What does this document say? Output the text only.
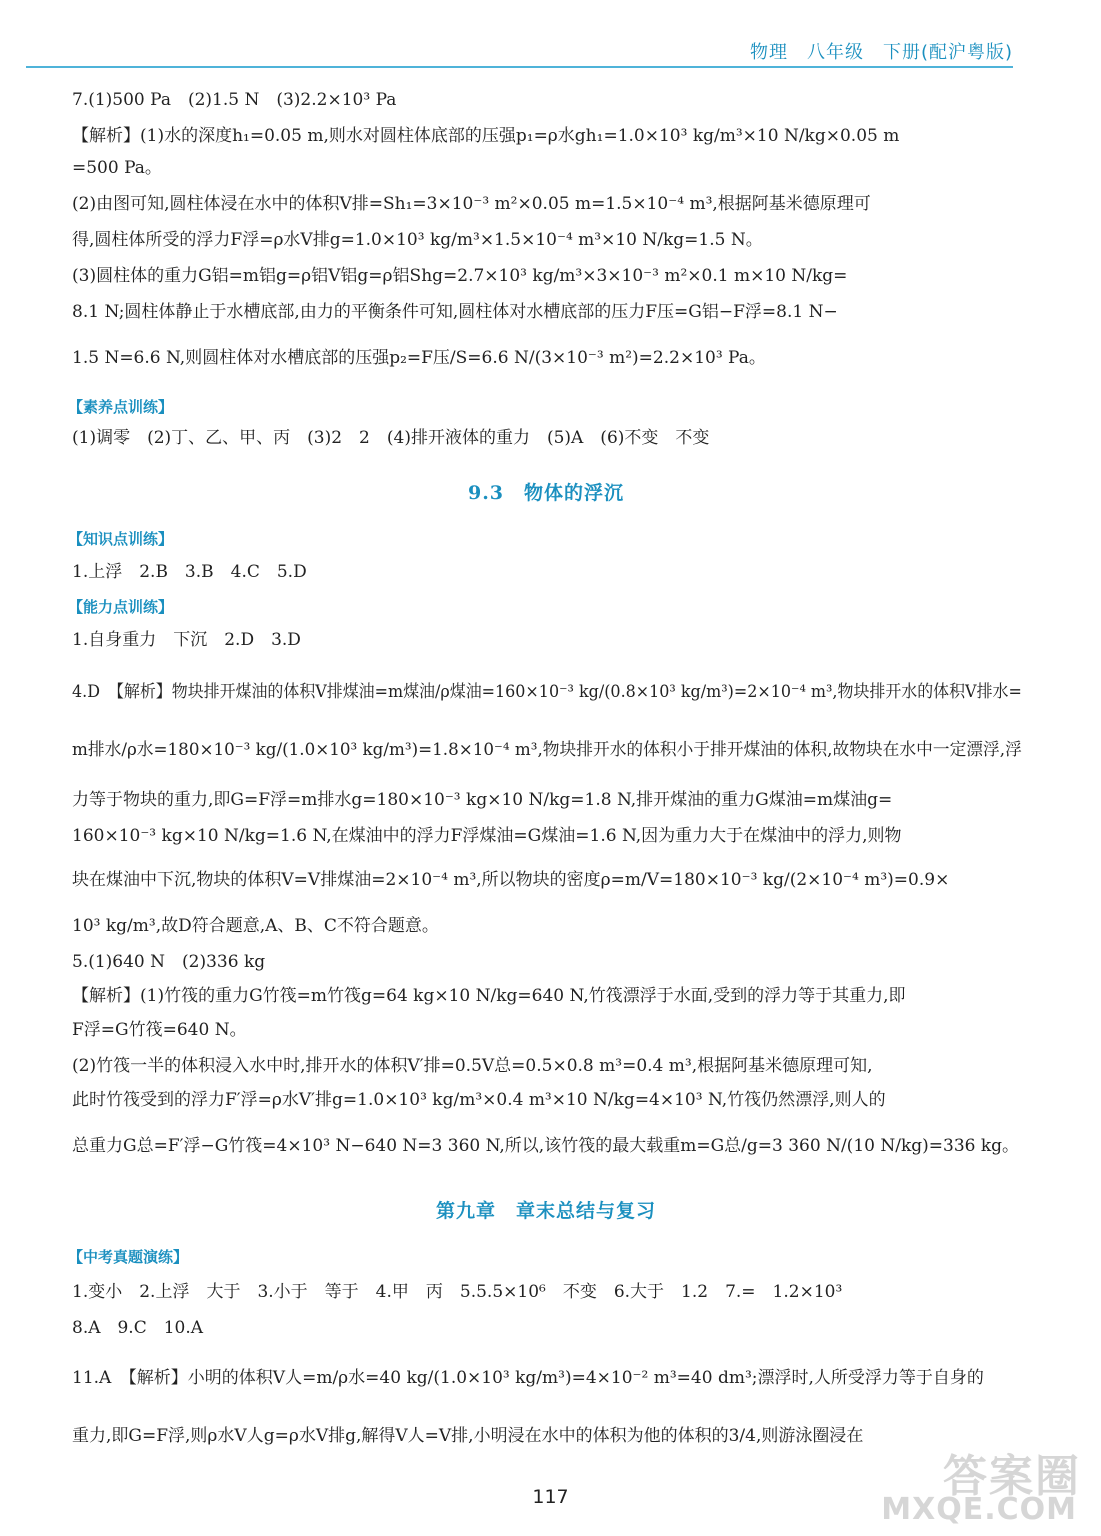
物理　八年级　下册(配沪粤版)
7.(1)500 Pa　(2)1.5 N　(3)2.2×10³ Pa
【解析】(1)水的深度h₁=0.05 m,则水对圆柱体底部的压强p₁=ρ水gh₁=1.0×10³ kg/m³×10 N/kg×0.05 m
=500 Pa。
(2)由图可知,圆柱体浸在水中的体积V排=Sh₁=3×10⁻³ m²×0.05 m=1.5×10⁻⁴ m³,根据阿基米德原理可
得,圆柱体所受的浮力F浮=ρ水V排g=1.0×10³ kg/m³×1.5×10⁻⁴ m³×10 N/kg=1.5 N。
(3)圆柱体的重力G铝=m铝g=ρ铝V铝g=ρ铝Shg=2.7×10³ kg/m³×3×10⁻³ m²×0.1 m×10 N/kg=
8.1 N;圆柱体静止于水槽底部,由力的平衡条件可知,圆柱体对水槽底部的压力F压=G铝−F浮=8.1 N−
1.5 N=6.6 N,则圆柱体对水槽底部的压强p₂=F压/S=6.6 N/(3×10⁻³ m²)=2.2×10³ Pa。
【素养点训练】
(1)调零　(2)丁、乙、甲、丙　(3)2　2　(4)排开液体的重力　(5)A　(6)不变　不变
9.3　物体的浮沉
【知识点训练】
1.上浮　2.B　3.B　4.C　5.D
【能力点训练】
1.自身重力　下沉　2.D　3.D
4.D　【解析】物块排开煤油的体积V排煤油=m煤油/ρ煤油=160×10⁻³ kg/(0.8×10³ kg/m³)=2×10⁻⁴ m³,物块排开水的体积V排水=
m排水/ρ水=180×10⁻³ kg/(1.0×10³ kg/m³)=1.8×10⁻⁴ m³,物块排开水的体积小于排开煤油的体积,故物块在水中一定漂浮,浮
力等于物块的重力,即G=F浮=m排水g=180×10⁻³ kg×10 N/kg=1.8 N,排开煤油的重力G煤油=m煤油g=
160×10⁻³ kg×10 N/kg=1.6 N,在煤油中的浮力F浮煤油=G煤油=1.6 N,因为重力大于在煤油中的浮力,则物
块在煤油中下沉,物块的体积V=V排煤油=2×10⁻⁴ m³,所以物块的密度ρ=m/V=180×10⁻³ kg/(2×10⁻⁴ m³)=0.9×
10³ kg/m³,故D符合题意,A、B、C不符合题意。
5.(1)640 N　(2)336 kg
【解析】(1)竹筏的重力G竹筏=m竹筏g=64 kg×10 N/kg=640 N,竹筏漂浮于水面,受到的浮力等于其重力,即
F浮=G竹筏=640 N。
(2)竹筏一半的体积浸入水中时,排开水的体积V′排=0.5V总=0.5×0.8 m³=0.4 m³,根据阿基米德原理可知,
此时竹筏受到的浮力F′浮=ρ水V′排g=1.0×10³ kg/m³×0.4 m³×10 N/kg=4×10³ N,竹筏仍然漂浮,则人的
总重力G总=F′浮−G竹筏=4×10³ N−640 N=3 360 N,所以,该竹筏的最大载重m=G总/g=3 360 N/(10 N/kg)=336 kg。
第九章　章末总结与复习
【中考真题演练】
1.变小　2.上浮　大于　3.小于　等于　4.甲　丙　5.5.5×10⁶　不变　6.大于　1.2　7.=　1.2×10³
8.A　9.C　10.A
11.A　【解析】小明的体积V人=m/ρ水=40 kg/(1.0×10³ kg/m³)=4×10⁻² m³=40 dm³;漂浮时,人所受浮力等于自身的
重力,即G=F浮,则ρ水V人g=ρ水V排g,解得V人=V排,小明浸在水中的体积为他的体积的3/4,则游泳圈浸在
117	答案圈
MXQE.COM
